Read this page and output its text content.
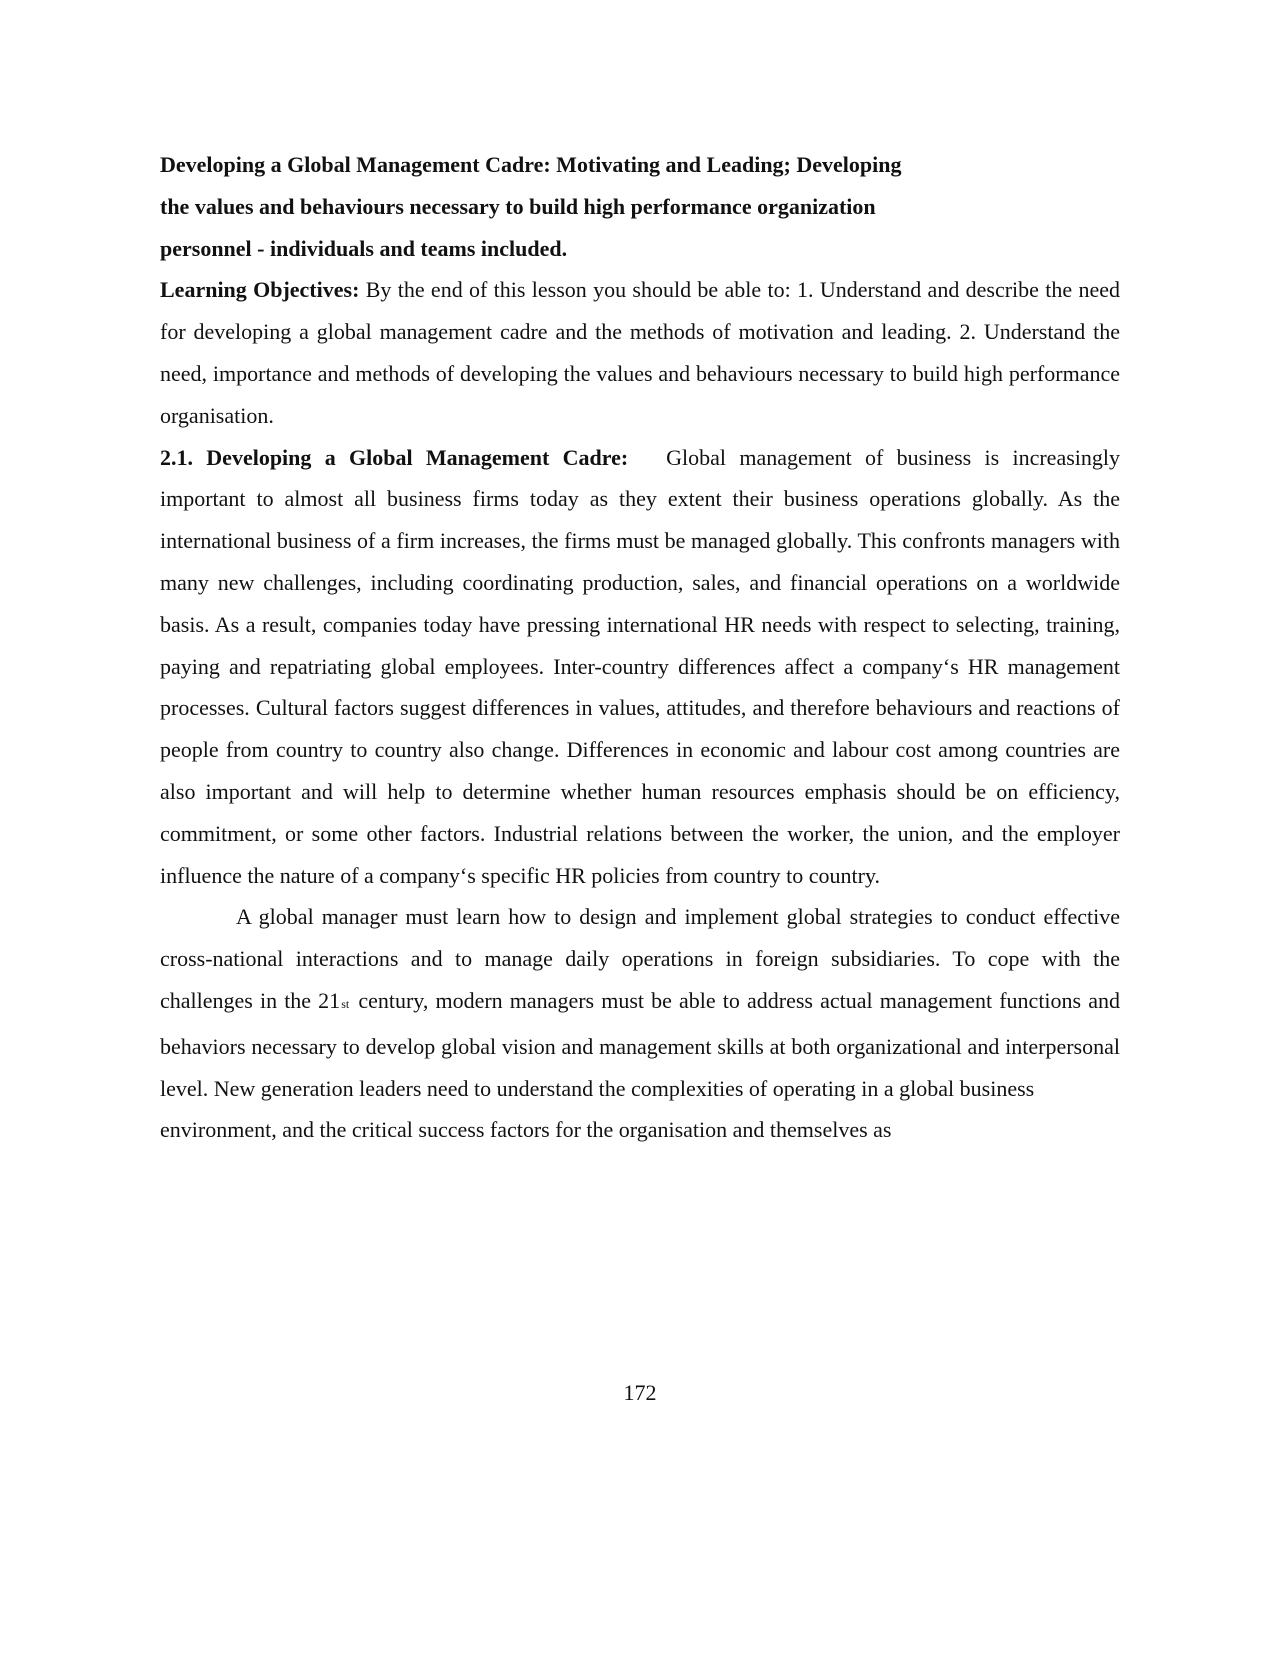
Developing a Global Management Cadre: Motivating and Leading; Developing
the values and behaviours necessary to build high performance organization
personnel - individuals and teams included.

Learning Objectives: By the end of this lesson you should be able to: 1. Understand and describe the need for developing a global management cadre and the methods of motivation and leading. 2. Understand the need, importance and methods of developing the values and behaviours necessary to build high performance organisation.

2.1. Developing a Global Management Cadre: Global management of business is increasingly important to almost all business firms today as they extent their business operations globally. As the international business of a firm increases, the firms must be managed globally. This confronts managers with many new challenges, including coordinating production, sales, and financial operations on a worldwide basis. As a result, companies today have pressing international HR needs with respect to selecting, training, paying and repatriating global employees. Inter-country differences affect a company‘s HR management processes. Cultural factors suggest differences in values, attitudes, and therefore behaviours and reactions of people from country to country also change. Differences in economic and labour cost among countries are also important and will help to determine whether human resources emphasis should be on efficiency, commitment, or some other factors. Industrial relations between the worker, the union, and the employer influence the nature of a company‘s specific HR policies from country to country.

A global manager must learn how to design and implement global strategies to conduct effective cross-national interactions and to manage daily operations in foreign subsidiaries. To cope with the challenges in the 21st century, modern managers must be able to address actual management functions and behaviors necessary to develop global vision and management skills at both organizational and interpersonal level. New generation leaders need to understand the complexities of operating in a global business

environment, and the critical success factors for the organisation and themselves as

172
